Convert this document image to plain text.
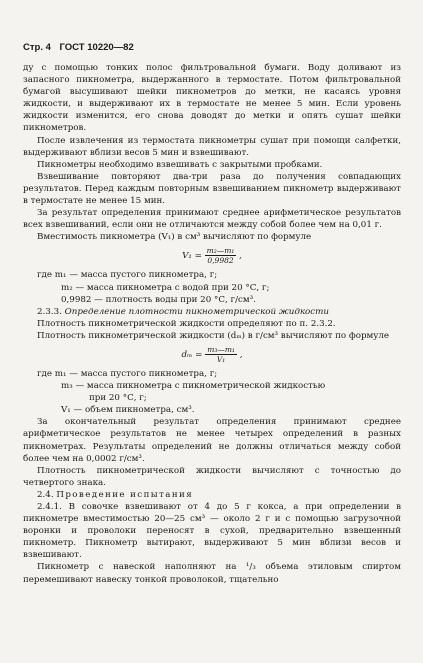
Стр. 4 ГОСТ 10220—82

ду с помощью тонких полос фильтровальной бумаги. Воду доливают из запасного пикнометра, выдержанного в термостате. Потом фильтровальной бумагой высушивают шейки пикнометров до метки, не касаясь уровня жидкости, и выдерживают их в термостате не менее 5 мин. Если уровень жидкости изменится, его снова доводят до метки и опять сушат шейки пикнометров.

После извлечения из термостата пикнометры сушат при помощи салфетки, выдерживают вблизи весов 5 мин и взвешивают.

Пикнометры необходимо взвешивать с закрытыми пробками.

Взвешивание повторяют два-три раза до получения совпадающих результатов. Перед каждым повторным взвешиванием пикнометр выдерживают в термостате не менее 15 мин.

За результат определения принимают среднее арифметическое результатов всех взвешиваний, если они не отличаются между собой более чем на 0,01 г.

Вместимость пикнометра (V₁) в см³ вычисляют по формуле

$V_1 = \frac{\text{m₂—m₁}}{0,9982}$ ,
где m₁ — масса пустого пикнометра, г;
m₂ — масса пикнометра с водой при 20 °С, г;
0,9982 — плотность воды при 20 °С, г/см³.

2.3.3. Определение плотности пикнометрической жидкости

Плотность пикнометрической жидкости определяют по п. 2.3.2.

Плотность пикнометрической жидкости (dₘ) в г/см³ вычисляют по формуле

$d_m = \frac{\text{m₃—m₁}}{\text{V₁}}$ ,
где m₁ — масса пустого пикнометра, г;
m₃ — масса пикнометра с пикнометрической жидкостью
при 20 °С, г;
V₁ — объем пикнометра, см³.

За окончательный результат определения принимают среднее арифметическое результатов не менее четырех определений в разных пикнометрах. Результаты определений не должны отличаться между собой более чем на 0,0002 г/см³.

Плотность пикнометрической жидкости вычисляют с точностью до четвертого знака.

2.4. Проведение испытания

2.4.1. В совочке взвешивают от 4 до 5 г кокса, а при определении в пикнометре вместимостью 20—25 см³ — около 2 г и с помощью загрузочной воронки и проволоки переносят в сухой, предварительно взвешенный пикнометр. Пикнометр вытирают, выдерживают 5 мин вблизи весов и взвешивают.

Пикнометр с навеской наполняют на ¹/₃ объема этиловым спиртом перемешивают навеску тонкой проволокой, тщательно
